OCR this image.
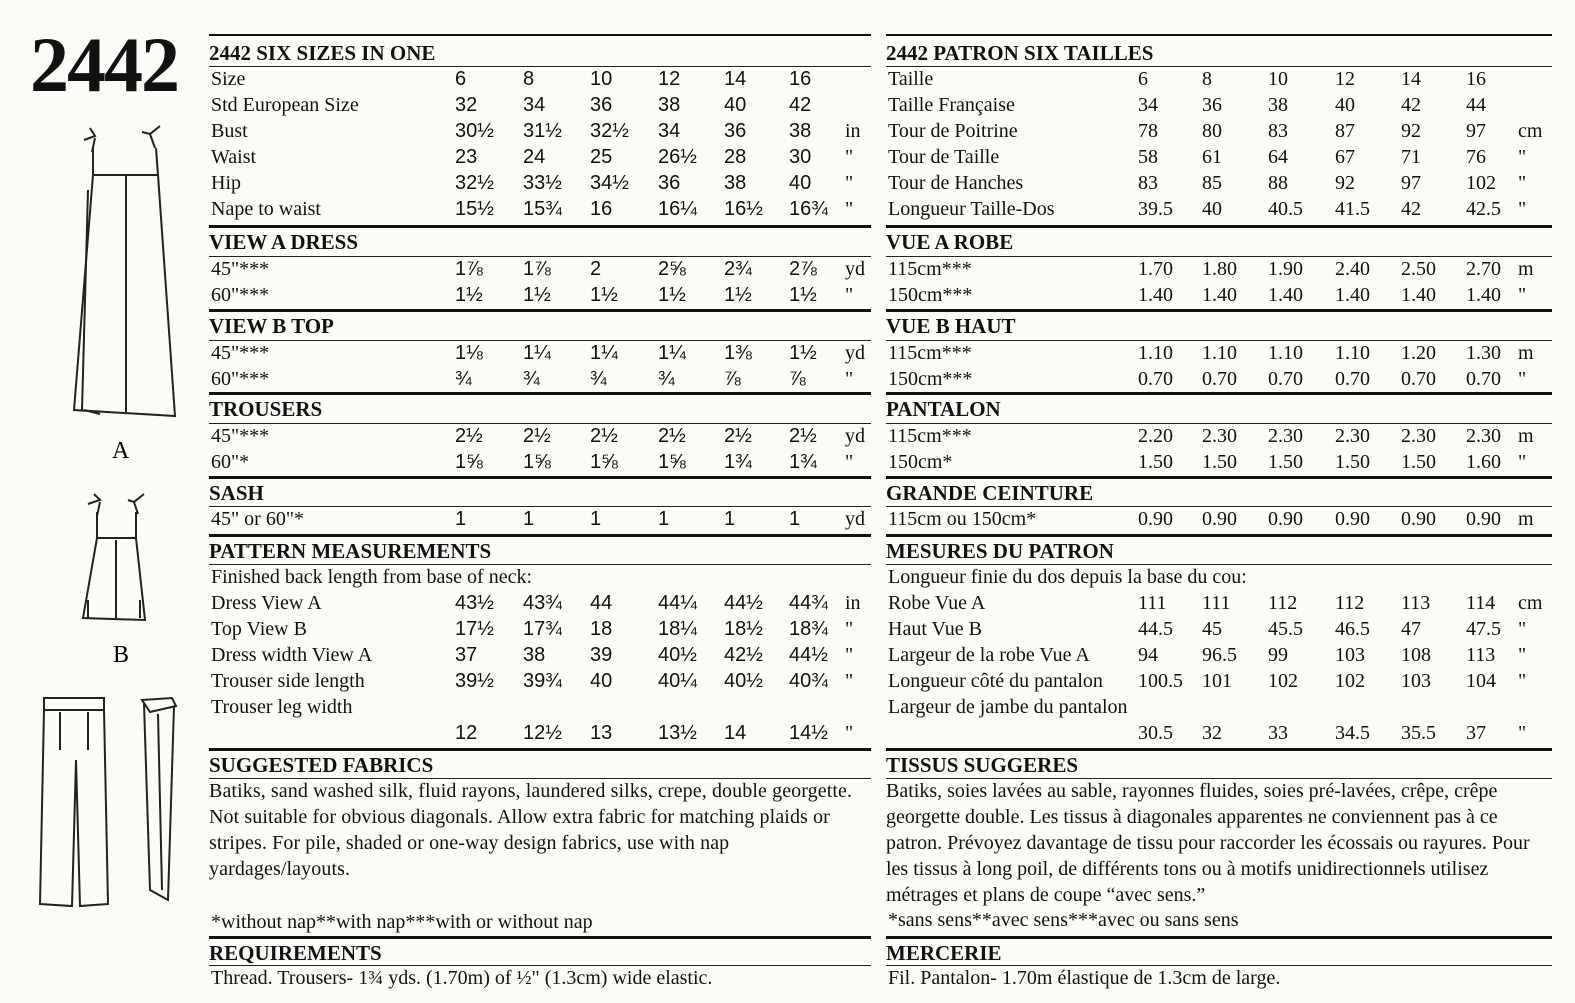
2442
A
B
2442 SIX SIZES IN ONE
Size	6	8	10 12 14 16
Std European Size	32 34 36 38 40 42
Bust	30½ 31½ 32½ 34 36 38 in
Waist	23 24 25 26½ 28 30 "
Hip	32½ 33½ 34½ 36 38 40 "
Nape to waist	15½ 15¾ 16 16¼ 16½ 16¾ "
VIEW A DRESS
45"***	1⅞ 1⅞ 2	2⅝ 2¾ 2⅞ yd
60"***	1½ 1½ 1½ 1½ 1½ 1½ "
VIEW B TOP
45"***	1⅛ 1¼ 1¼ 1¼ 1⅜ 1½ yd
60"***	¾	¾	¾	¾ ⅞ ⅞ "
TROUSERS
45"***	2½ 2½ 2½ 2½ 2½ 2½ yd
60"*	1⅝ 1⅝ 1⅝ 1⅝ 1¾ 1¾ "
SASH
45" or 60"*	1	1	1	1	1	1 yd
PATTERN MEASUREMENTS
Finished back length from base of neck:
Dress View A	43½ 43¾ 44 44¼ 44½ 44¾ in
Top View B	17½ 17¾ 18 18¼ 18½ 18¾ "
Dress width View A	37 38 39 40½ 42½ 44½ "
Trouser side length	39½ 39¾ 40 40¼ 40½ 40¾ "
Trouser leg width
12 12½ 13 13½ 14 14½ "
SUGGESTED FABRICS
Batiks, sand washed silk, fluid rayons, laundered silks, crepe, double georgette. Not suitable for obvious diagonals. Allow extra fabric for matching plaids or stripes. For pile, shaded or one-way design fabrics, use with nap yardages/layouts.
*without nap**with nap***with or without nap
REQUIREMENTS
Thread. Trousers- 1¾ yds. (1.70m) of ½" (1.3cm) wide elastic.
2442 PATRON SIX TAILLES
Taille	6	8	10 12 14 16
Taille Française	34 36 38 40 42 44
Tour de Poitrine	78 80 83 87 92 97 cm
Tour de Taille	58 61 64 67 71 76 "
Tour de Hanches	83 85 88 92 97 102 "
Longueur Taille-Dos	39.5 40 40.5 41.5 42 42.5 "
VUE A ROBE
115cm***	1.70 1.80 1.90 2.40 2.50 2.70 m
150cm***	1.40 1.40 1.40 1.40 1.40 1.40 "
VUE B HAUT
115cm***	1.10 1.10 1.10 1.10 1.20 1.30 m
150cm***	0.70 0.70 0.70 0.70 0.70 0.70 "
PANTALON
115cm***	2.20 2.30 2.30 2.30 2.30 2.30 m
150cm*	1.50 1.50 1.50 1.50 1.50 1.60 "
GRANDE CEINTURE
115cm ou 150cm*	0.90 0.90 0.90 0.90 0.90 0.90 m
MESURES DU PATRON
Longueur finie du dos depuis la base du cou:
Robe Vue A	111 111 112 112 113 114 cm
Haut Vue B	44.5 45 45.5 46.5 47 47.5 "
Largeur de la robe Vue A 94 96.5 99 103 108 113 "
Longueur côté du pantalon 100.5 101 102 102 103 104 "
Largeur de jambe du pantalon
30.5 32 33 34.5 35.5 37 "
TISSUS SUGGERES
Batiks, soies lavées au sable, rayonnes fluides, soies pré-lavées, crêpe, crêpe georgette double. Les tissus à diagonales apparentes ne conviennent pas à ce patron. Prévoyez davantage de tissu pour raccorder les écossais ou rayures. Pour les tissus à long poil, de différents tons ou à motifs unidirectionnels utilisez métrages et plans de coupe “avec sens.”
*sans sens**avec sens***avec ou sans sens
MERCERIE
Fil. Pantalon- 1.70m élastique de 1.3cm de large.
